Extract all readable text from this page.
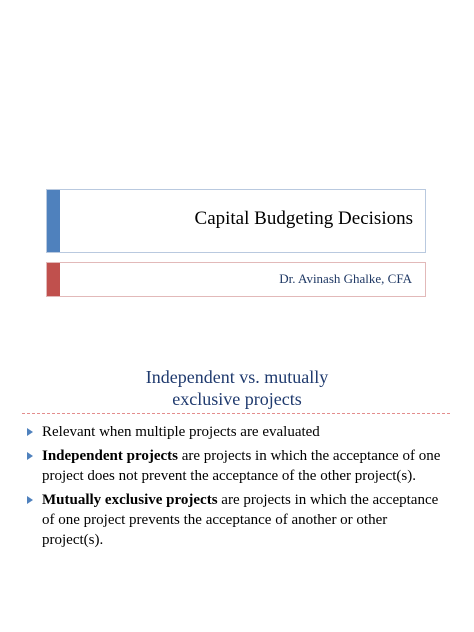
Capital Budgeting Decisions
Dr. Avinash Ghalke, CFA
Independent vs. mutually
exclusive projects
Relevant when multiple projects are evaluated
Independent projects are projects in which the acceptance of one project does not prevent the acceptance of the other project(s).
Mutually exclusive projects are projects in which the acceptance of one project prevents the acceptance of another or other project(s).
